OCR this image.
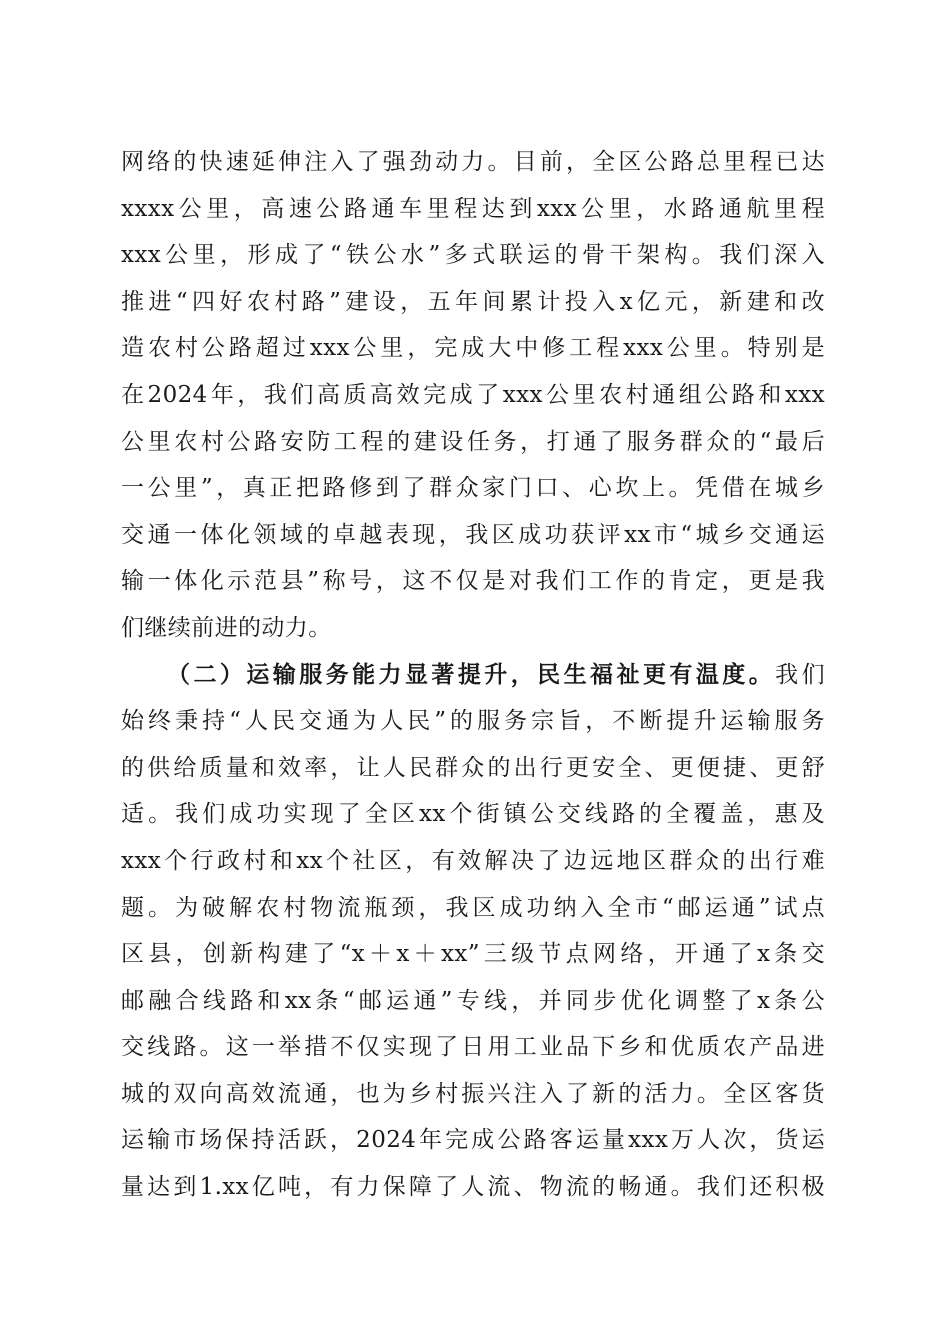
网络的快速延伸注入了强劲动力。目前，全区公路总里程已达
xxxx公里，高速公路通车里程达到xxx公里，水路通航里程
xxx公里，形成了“铁公水”多式联运的骨干架构。我们深入
推进“四好农村路”建设，五年间累计投入x亿元，新建和改
造农村公路超过xxx公里，完成大中修工程xxx公里。特别是
在2024年，我们高质高效完成了xxx公里农村通组公路和xxx
公里农村公路安防工程的建设任务，打通了服务群众的“最后
一公里”，真正把路修到了群众家门口、心坎上。凭借在城乡
交通一体化领域的卓越表现，我区成功获评xx市“城乡交通运
输一体化示范县”称号，这不仅是对我们工作的肯定，更是我
们继续前进的动力。
（二）运输服务能力显著提升，民生福祉更有温度。我们
始终秉持“人民交通为人民”的服务宗旨，不断提升运输服务
的供给质量和效率，让人民群众的出行更安全、更便捷、更舒
适。我们成功实现了全区xx个街镇公交线路的全覆盖，惠及
xxx个行政村和xx个社区，有效解决了边远地区群众的出行难
题。为破解农村物流瓶颈，我区成功纳入全市“邮运通”试点
区县，创新构建了“x＋x＋xx”三级节点网络，开通了x条交
邮融合线路和xx条“邮运通”专线，并同步优化调整了x条公
交线路。这一举措不仅实现了日用工业品下乡和优质农产品进
城的双向高效流通，也为乡村振兴注入了新的活力。全区客货
运输市场保持活跃，2024年完成公路客运量xxx万人次，货运
量达到1.xx亿吨，有力保障了人流、物流的畅通。我们还积极
